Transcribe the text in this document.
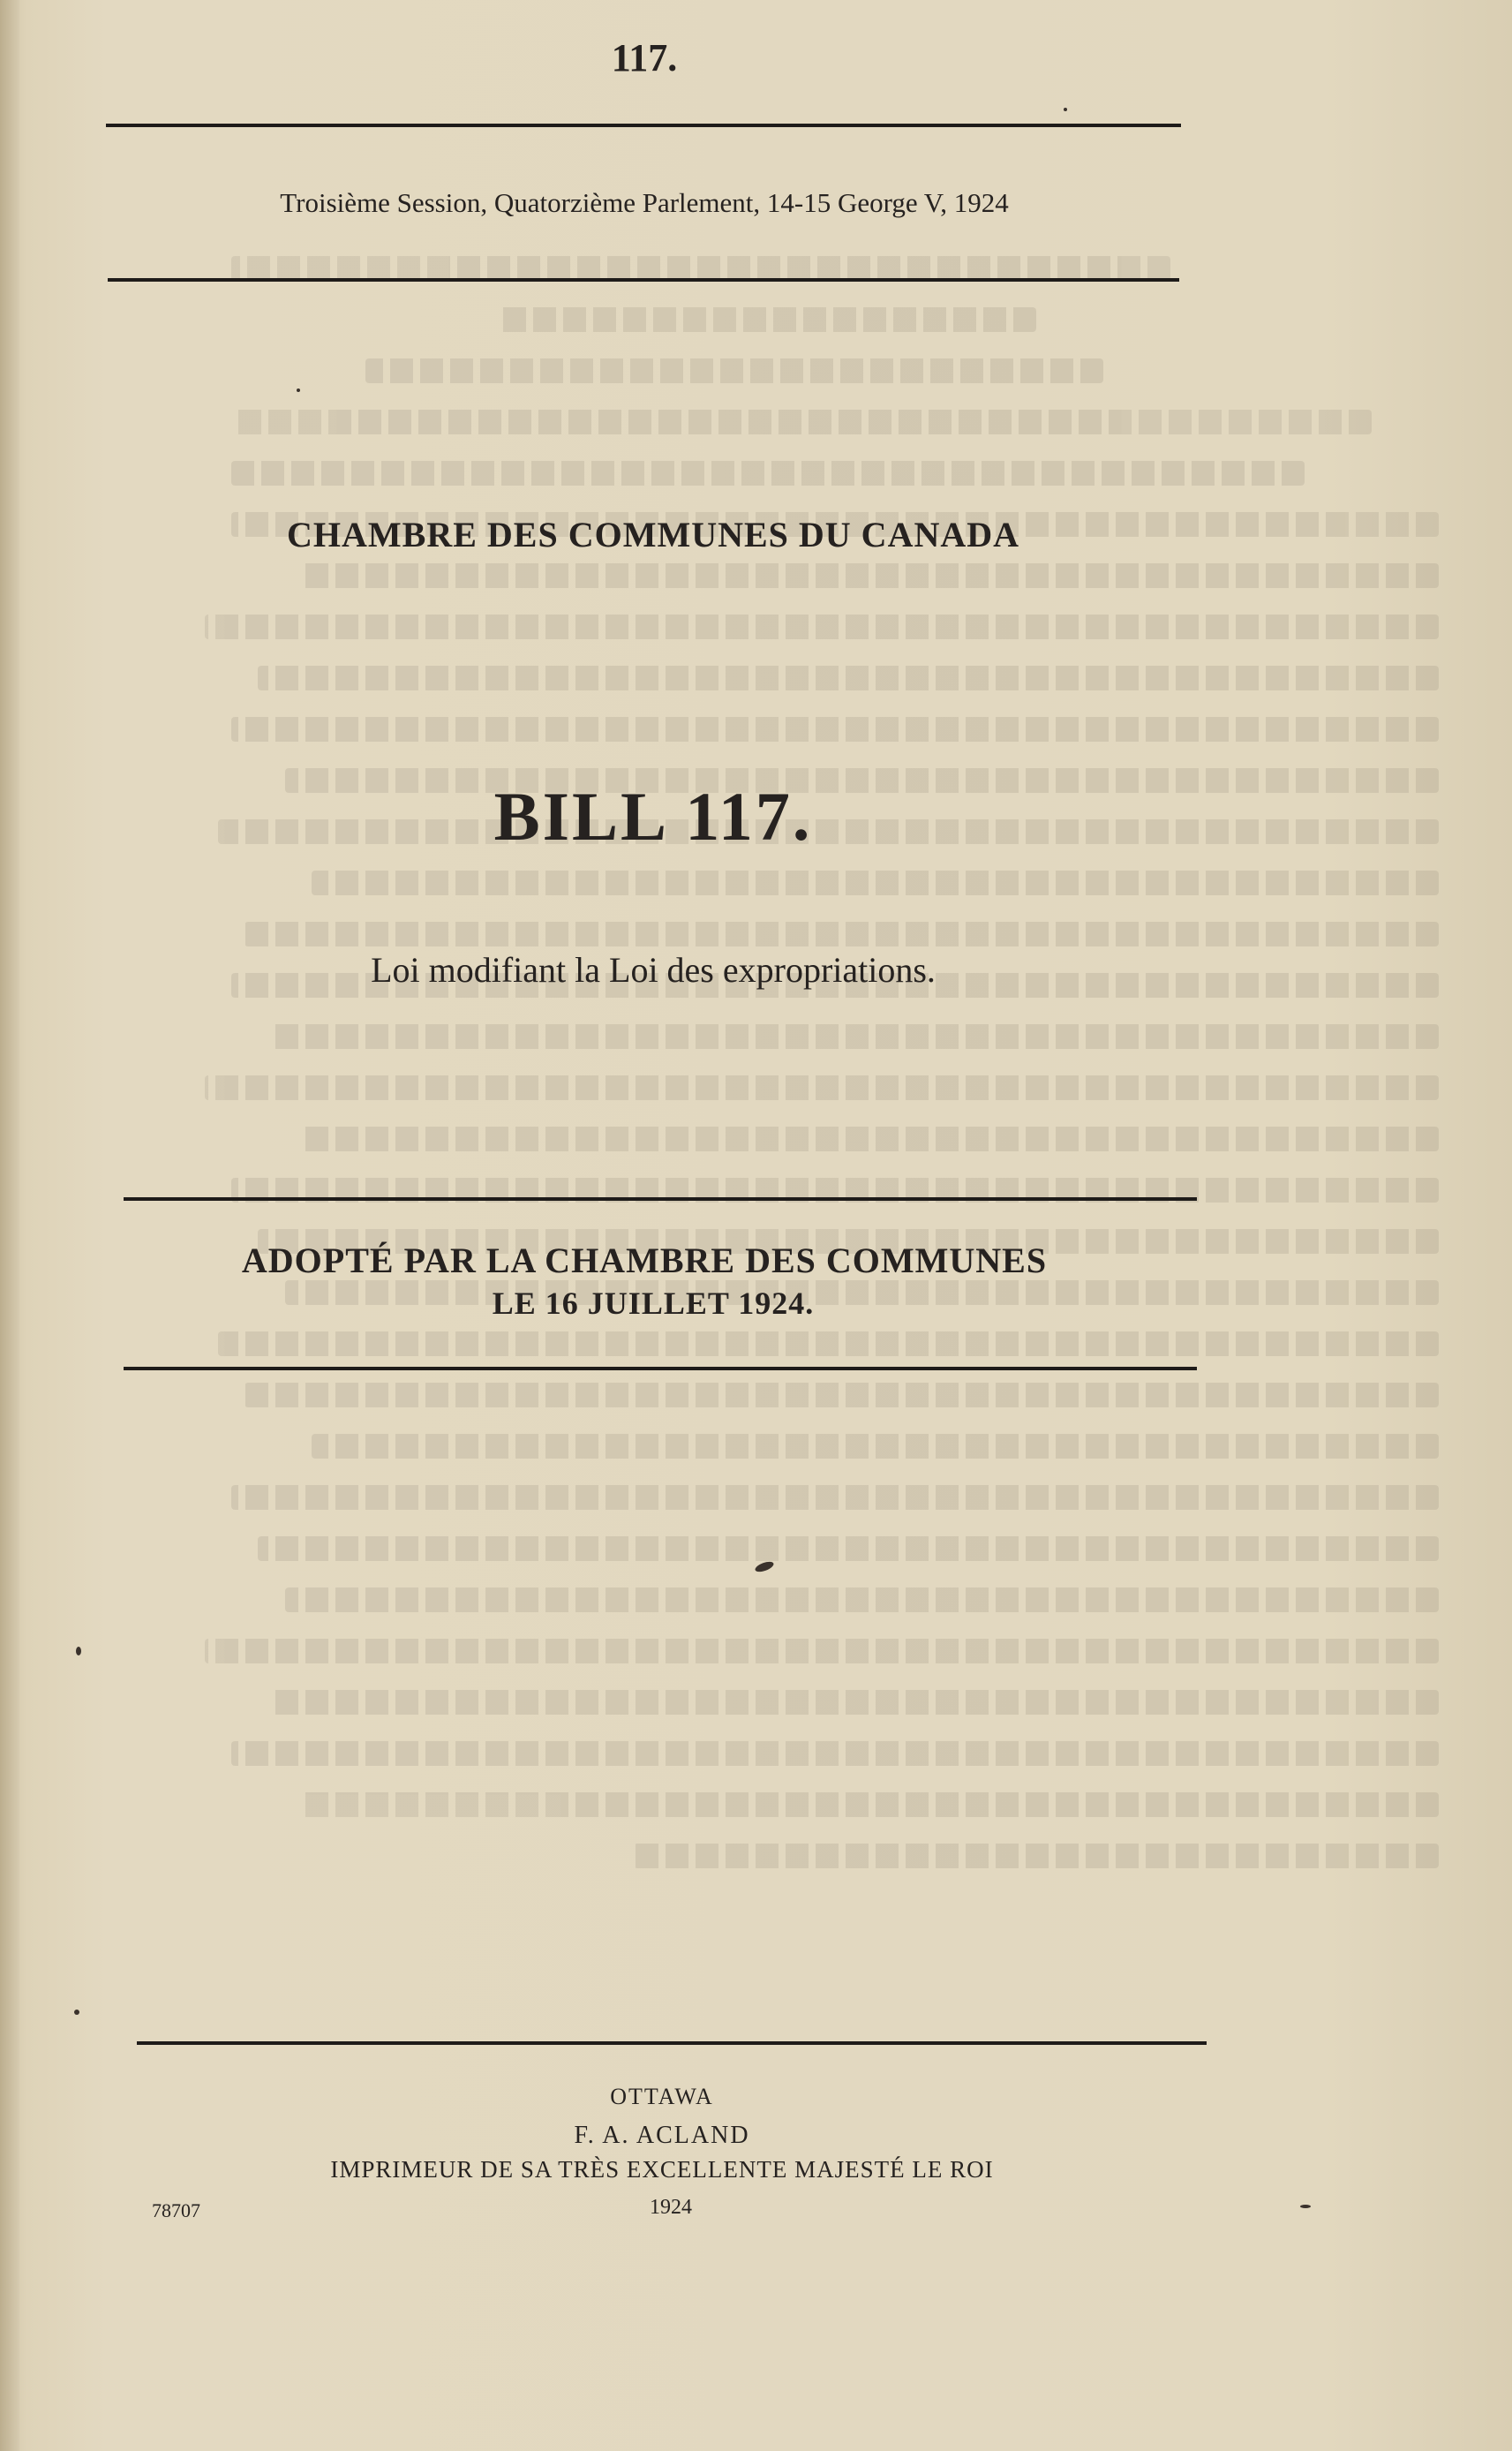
117.
Troisième Session, Quatorzième Parlement, 14-15 George V, 1924
CHAMBRE DES COMMUNES DU CANADA
BILL 117.
Loi modifiant la Loi des expropriations.
ADOPTÉ PAR LA CHAMBRE DES COMMUNES
LE 16 JUILLET 1924.
OTTAWA
F. A. ACLAND
IMPRIMEUR DE SA TRÈS EXCELLENTE MAJESTÉ LE ROI
78707	1924
